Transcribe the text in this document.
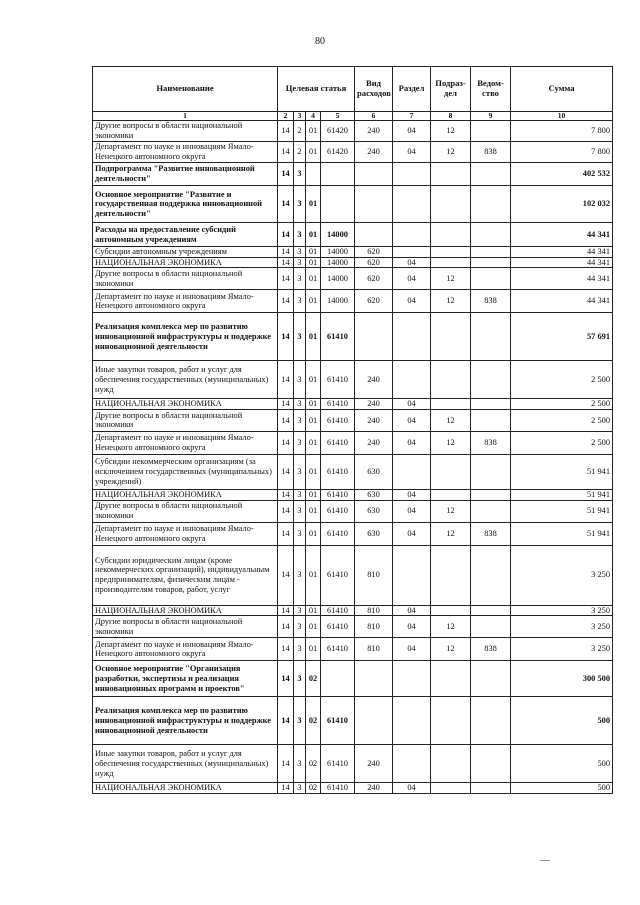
80
Наименование	Целевая статья				Вид расходов	Раздел	Подраз- дел	Ведом- ство	Сумма
1	2	3	4	5	6	7	8	9	10
Другие вопросы в области национальной экономики	14	2	01	61420	240	04	12		7 800
Департамент по науке и инновациям Ямало-Ненецкого автономного округа	14	2	01	61420	240	04	12	838	7 800
Подпрограмма "Развитие инновационной деятельности"	14	3							402 532
Основное мероприятие "Развитие и государственная поддержка инновационной деятельности"	14	3	01						102 032
Расходы на предоставление субсидий автономным учреждениям	14	3	01	14000					44 341
Субсидии автономным учреждениям	14	3	01	14000	620				44 341
НАЦИОНАЛЬНАЯ ЭКОНОМИКА	14	3	01	14000	620	04			44 341
Другие вопросы в области национальной экономики	14	3	01	14000	620	04	12		44 341
Департамент по науке и инновациям Ямало-Ненецкого автономного округа	14	3	01	14000	620	04	12	838	44 341
Реализация комплекса мер по развитию инновационной инфраструктуры и поддержке инновационной деятельности	14	3	01	61410					57 691
Иные закупки товаров, работ и услуг для обеспечения государственных (муниципальных) нужд	14	3	01	61410	240				2 500
НАЦИОНАЛЬНАЯ ЭКОНОМИКА	14	3	01	61410	240	04			2 500
Другие вопросы в области национальной экономики	14	3	01	61410	240	04	12		2 500
Департамент по науке и инновациям Ямало-Ненецкого автономного округа	14	3	01	61410	240	04	12	838	2 500
Субсидии некоммерческим организациям (за исключением государственных (муниципальных) учреждений)	14	3	01	61410	630				51 941
НАЦИОНАЛЬНАЯ ЭКОНОМИКА	14	3	01	61410	630	04			51 941
Другие вопросы в области национальной экономики	14	3	01	61410	630	04	12		51 941
Департамент по науке и инновациям Ямало-Ненецкого автономного округа	14	3	01	61410	630	04	12	838	51 941
Субсидии юридическим лицам (кроме некоммерческих организаций), индивидуальным предпринимателям, физическим лицам - производителям товаров, работ, услуг	14	3	01	61410	810				3 250
НАЦИОНАЛЬНАЯ ЭКОНОМИКА	14	3	01	61410	810	04			3 250
Другие вопросы в области национальной экономики	14	3	01	61410	810	04	12		3 250
Департамент по науке и инновациям Ямало-Ненецкого автономного округа	14	3	01	61410	810	04	12	838	3 250
Основное мероприятие "Организация разработки, экспертизы и реализация инновационных программ и проектов"	14	3	02						300 500
Реализация комплекса мер по развитию инновационной инфраструктуры и поддержке инновационной деятельности	14	3	02	61410					500
Иные закупки товаров, работ и услуг для обеспечения государственных (муниципальных) нужд	14	3	02	61410	240				500
НАЦИОНАЛЬНАЯ ЭКОНОМИКА	14	3	02	61410	240	04			500
